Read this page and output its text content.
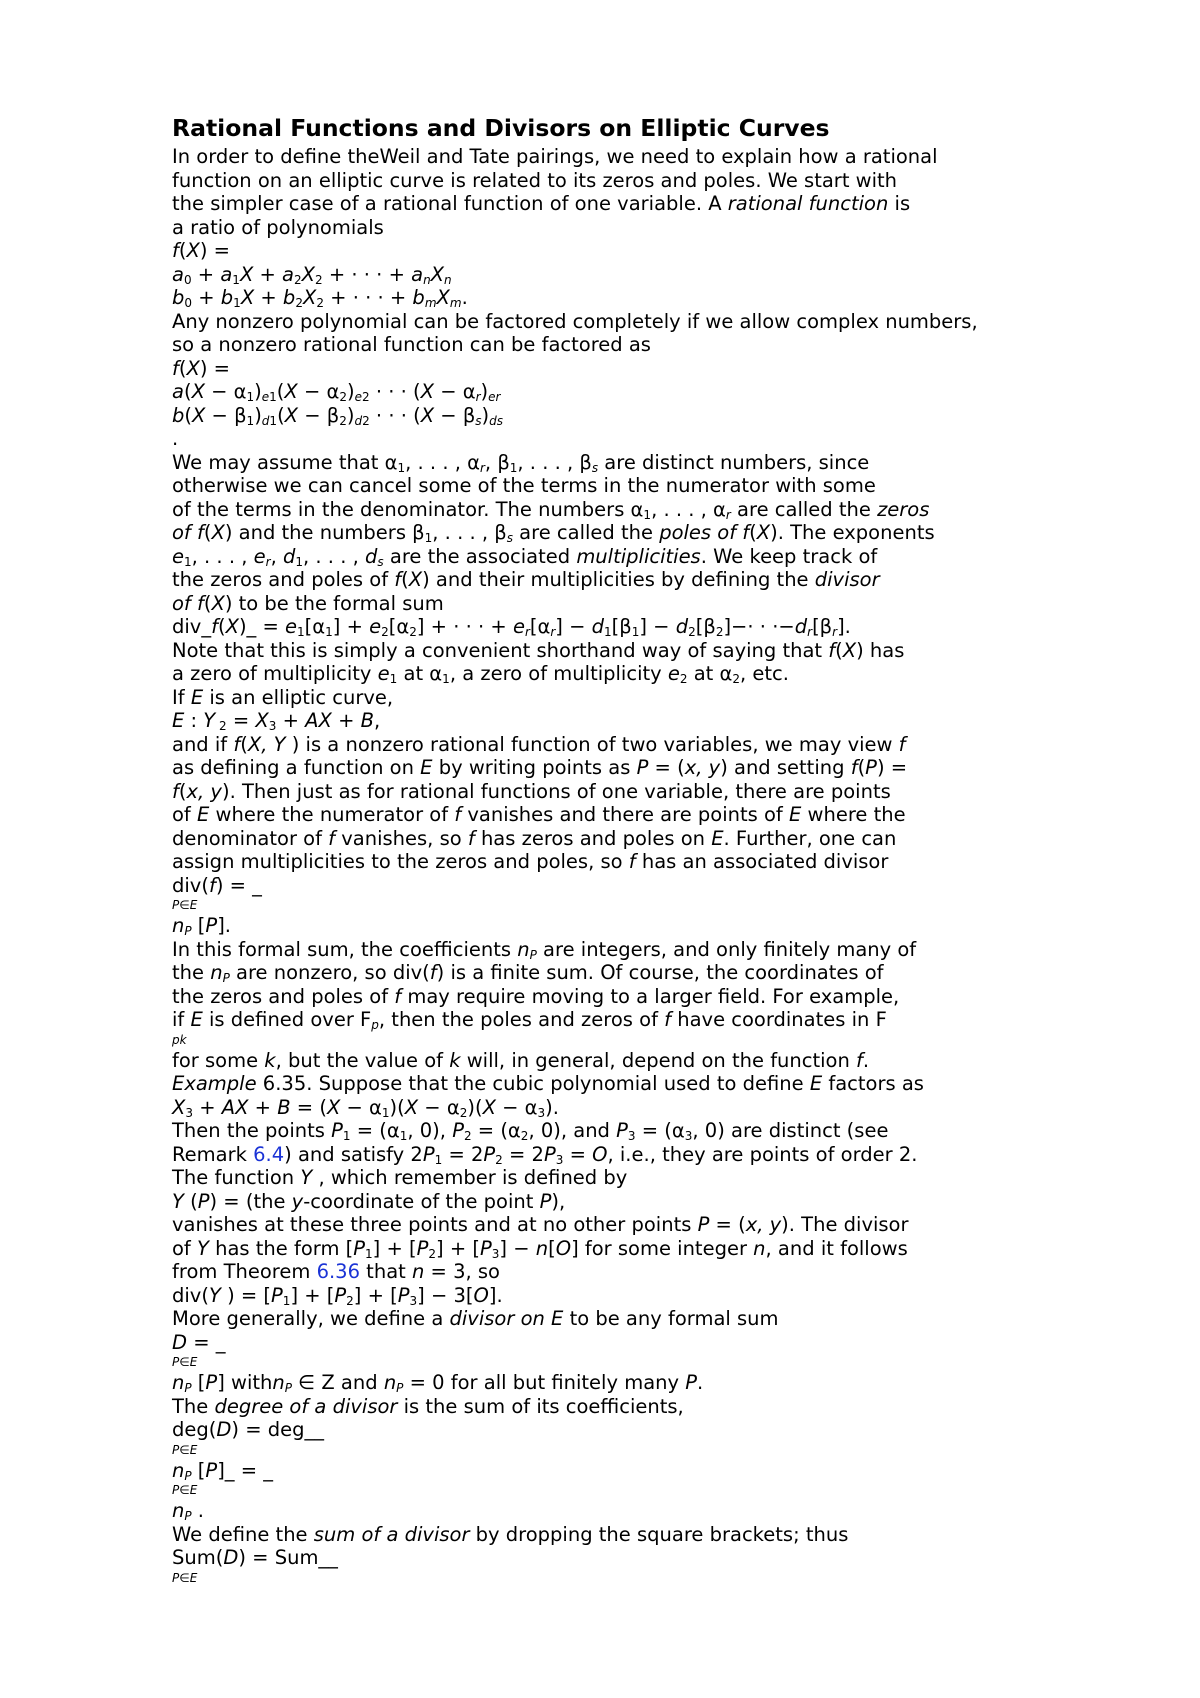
Rational Functions and Divisors on Elliptic Curves
In order to define theWeil and Tate pairings, we need to explain how a rational
function on an elliptic curve is related to its zeros and poles. We start with
the simpler case of a rational function of one variable. A rational function is
a ratio of polynomials
f(X) =
$a_0 + a_1X + a_2X_2$ + · · · + $a_nX_n$
$b_0 + b_1X + b_2X_2$ + · · · + $b_mX_m$.
Any nonzero polynomial can be factored completely if we allow complex numbers,
so a nonzero rational function can be factored as
f(X) =
$a(X - \alpha_1)_{e1}(X - \alpha_2)_{e2}$ · · · $(X - \alpha_r)_{er}$
$b(X - \beta_1)_{d1}(X - \beta_2)_{d2}$ · · · $(X - \beta_s)_{ds}$
.
We may assume that $\alpha_1$, . . . , $\alpha_r$, $\beta_1$, . . . , $\beta_s$ are distinct numbers, since
otherwise we can cancel some of the terms in the numerator with some
of the terms in the denominator. The numbers $\alpha_1$, . . . , $\alpha_r$ are called the zeros
of f(X) and the numbers $\beta_1$, . . . , $\beta_s$ are called the poles of f(X). The exponents
$e_1$, . . . , $e_r$, $d_1$, . . . , $d_s$ are the associated multiplicities. We keep track of
the zeros and poles of f(X) and their multiplicities by defining the divisor
of f(X) to be the formal sum
div_f(X)_ = $e_1[\alpha_1] + e_2[\alpha_2]$ + · · · + $e_r[\alpha_r] - d_1[\beta_1] - d_2[\beta_2]-\cdot \cdot \cdot-d_r[\beta_r]$.
Note that this is simply a convenient shorthand way of saying that f(X) has
a zero of multiplicity $e_1$ at $\alpha_1$, a zero of multiplicity $e_2$ at $\alpha_2$, etc.
If E is an elliptic curve,
E : Y $_2 = X_3$ + AX + B,
and if f(X, Y ) is a nonzero rational function of two variables, we may view f
as defining a function on E by writing points as P = (x, y) and setting f(P) =
f(x, y). Then just as for rational functions of one variable, there are points
of E where the numerator of f vanishes and there are points of E where the
denominator of f vanishes, so f has zeros and poles on E. Further, one can
assign multiplicities to the zeros and poles, so f has an associated divisor
div(f) = _
P∈E
$n_P$ [P].
In this formal sum, the coefficients $n_P$ are integers, and only finitely many of
the $n_P$ are nonzero, so div(f) is a finite sum. Of course, the coordinates of
the zeros and poles of f may require moving to a larger field. For example,
if E is defined over $F_p$, then the poles and zeros of f have coordinates in F
pk
for some k, but the value of k will, in general, depend on the function f.
Example 6.35. Suppose that the cubic polynomial used to define E factors as
$X_3$ + AX + $B = (X - \alpha_1)(X - \alpha_2)(X - \alpha_3)$.
Then the points $P_1 = (\alpha_1$, 0), $P_2 = (\alpha_2$, 0), and $P_3 = (\alpha_3$, 0) are distinct (see
Remark 6.4) and satisfy $2P_1 = 2P_2 = 2P_3 = O$, i.e., they are points of order 2.
The function Y , which remember is defined by
Y (P) = (the y-coordinate of the point P),
vanishes at these three points and at no other points P = (x, y). The divisor
of Y has the form $[P_1] + [P_2] + [P_3] - n[O]$ for some integer n, and it follows
from Theorem 6.36 that n = 3, so
div(Y ) = $[P_1] + [P_2] + [P_3] - 3[O]$.
More generally, we define a divisor on E to be any formal sum
D = _
P∈E
$n_P$ [P] withn$_P$ ∈ Z and $n_P = 0$ for all but finitely many P.
The degree of a divisor is the sum of its coefficients,
deg(D) = deg__
P∈E
$n_P$ [P]_ = _
P∈E
$n_P$ .
We define the sum of a divisor by dropping the square brackets; thus
Sum(D) = Sum__
P∈E
